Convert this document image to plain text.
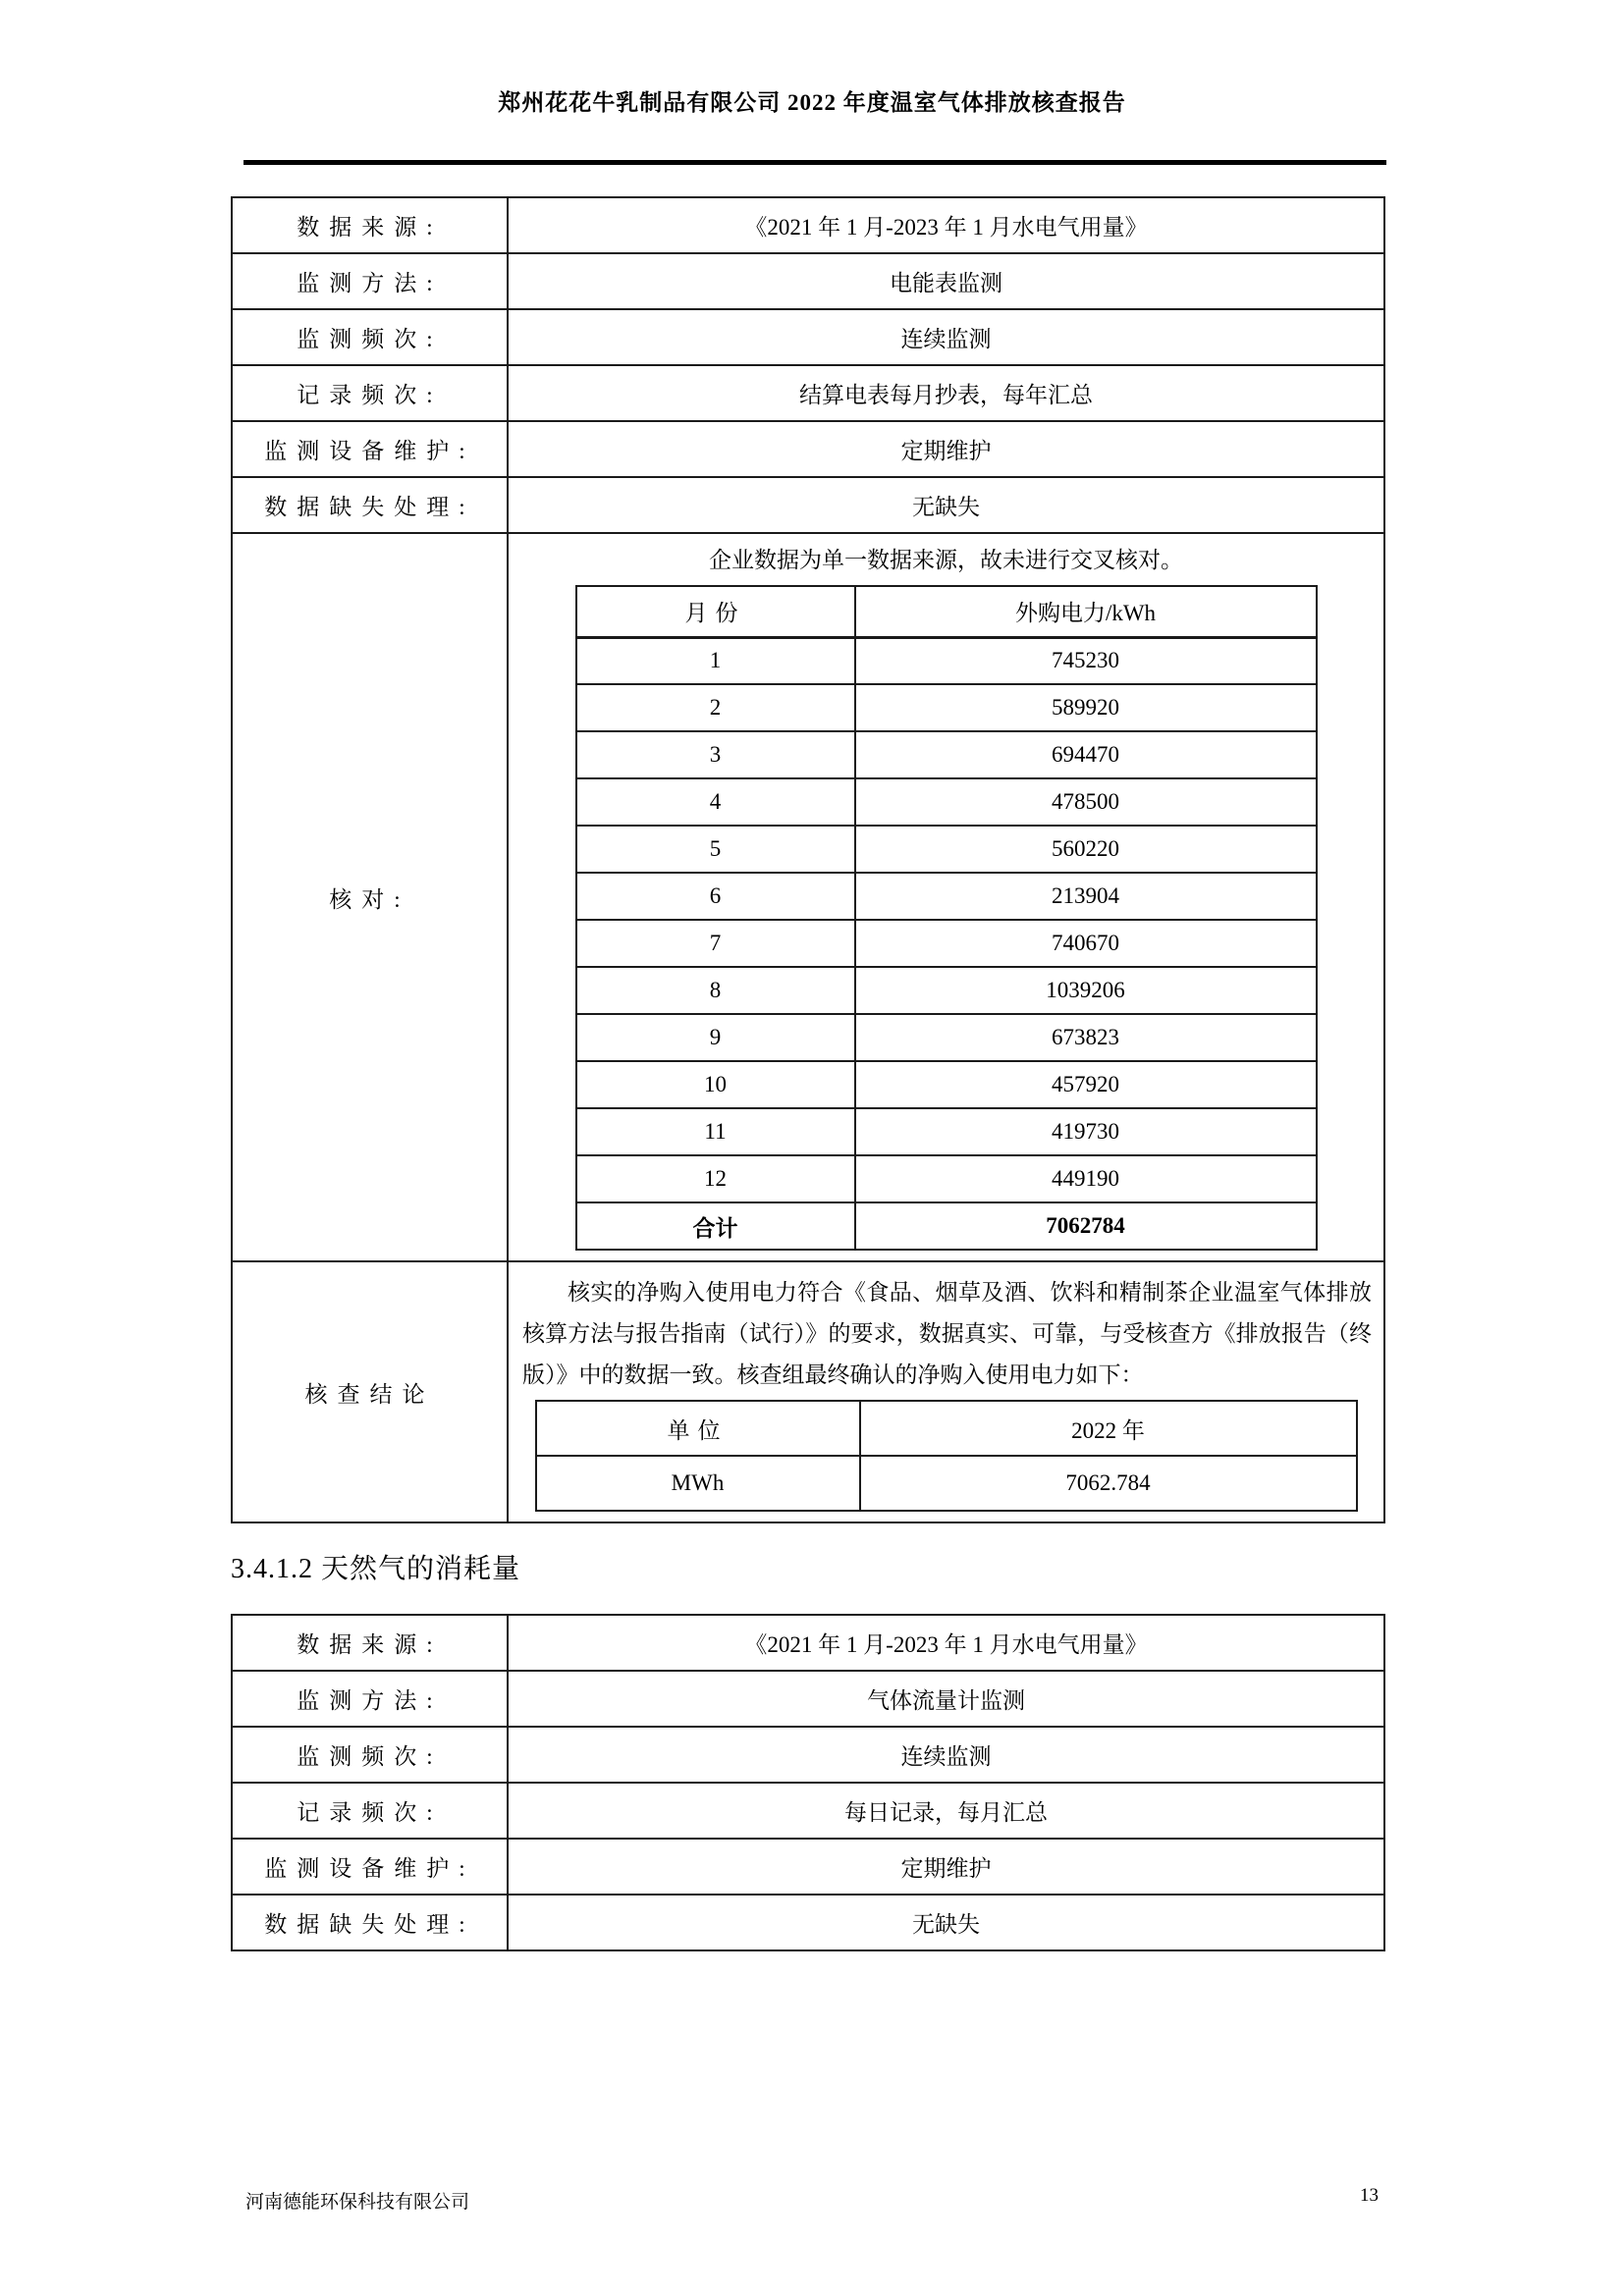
郑州花花牛乳制品有限公司 2022 年度温室气体排放核查报告
数据来源:	《2021 年 1 月-2023 年 1 月水电气用量》
监测方法:	电能表监测
监测频次:	连续监测
记录频次:	结算电表每月抄表，每年汇总
监测设备维护:	定期维护
数据缺失处理:	无缺失
核对:	
企业数据为单一数据来源，故未进行交叉核对。
月份	外购电力/kWh
1	745230
2	589920
3	694470
4	478500
5	560220
6	213904
7	740670
8	1039206
9	673823
10	457920
11	419730
12	449190
合计	7062784

核查结论	
核实的净购入使用电力符合《食品、烟草及酒、饮料和精制茶企业温室气体排放核算方法与报告指南（试行）》的要求，数据真实、可靠，与受核查方《排放报告（终版）》中的数据一致。核查组最终确认的净购入使用电力如下：
单位	2022 年
MWh	7062.784
3.4.1.2 天然气的消耗量
数据来源:	《2021 年 1 月-2023 年 1 月水电气用量》
监测方法:	气体流量计监测
监测频次:	连续监测
记录频次:	每日记录，每月汇总
监测设备维护:	定期维护
数据缺失处理:	无缺失
河南德能环保科技有限公司	13
